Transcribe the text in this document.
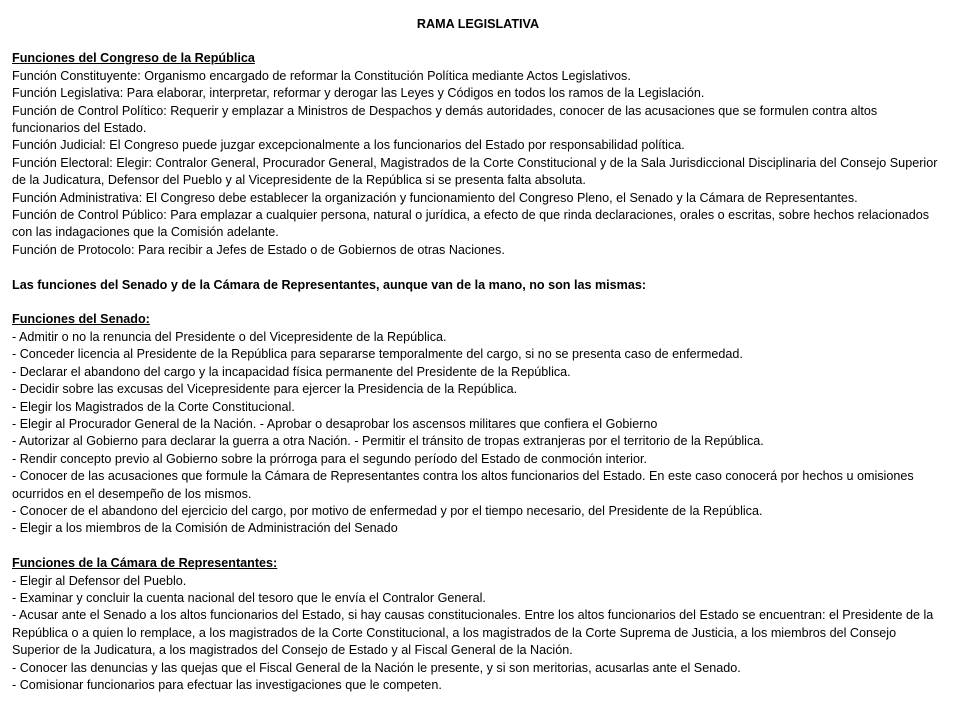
RAMA LEGISLATIVA
Funciones del Congreso de la República

Función Constituyente: Organismo encargado de reformar la Constitución Política mediante Actos Legislativos.

Función Legislativa: Para elaborar, interpretar, reformar y derogar las Leyes y Códigos en todos los ramos de la Legislación.

Función de Control Político: Requerir y emplazar a Ministros de Despachos y demás autoridades, conocer de las acusaciones que se formulen contra altos funcionarios del Estado.

Función Judicial: El Congreso puede juzgar excepcionalmente a los funcionarios del Estado por responsabilidad política.

Función Electoral: Elegir: Contralor General, Procurador General, Magistrados de la Corte Constitucional y de la Sala Jurisdiccional Disciplinaria del Consejo Superior de la Judicatura, Defensor del Pueblo y al Vicepresidente de la República si se presenta falta absoluta.

Función Administrativa: El Congreso debe establecer la organización y funcionamiento del Congreso Pleno, el Senado y la Cámara de Representantes.

Función de Control Público: Para emplazar a cualquier persona, natural o jurídica, a efecto de que rinda declaraciones, orales o escritas, sobre hechos relacionados con las indagaciones que la Comisión adelante.

Función de Protocolo: Para recibir a Jefes de Estado o de Gobiernos de otras Naciones.

Las funciones del Senado y de la Cámara de Representantes, aunque van de la mano, no son las mismas:
Funciones del Senado:

- Admitir o no la renuncia del Presidente o del Vicepresidente de la República.

- Conceder licencia al Presidente de la República para separarse temporalmente del cargo, si no se presenta caso de enfermedad.

- Declarar el abandono del cargo y la incapacidad física permanente del Presidente de la República.

- Decidir sobre las excusas del Vicepresidente para ejercer la Presidencia de la República.

- Elegir los Magistrados de la Corte Constitucional.

- Elegir al Procurador General de la Nación. - Aprobar o desaprobar los ascensos militares que confiera el Gobierno

- Autorizar al Gobierno para declarar la guerra a otra Nación. - Permitir el tránsito de tropas extranjeras por el territorio de la República.

- Rendir concepto previo al Gobierno sobre la prórroga para el segundo período del Estado de conmoción interior.

- Conocer de las acusaciones que formule la Cámara de Representantes contra los altos funcionarios del Estado. En este caso conocerá por hechos u omisiones ocurridos en el desempeño de los mismos.

- Conocer de el abandono del ejercicio del cargo, por motivo de enfermedad y por el tiempo necesario, del Presidente de la República.

- Elegir a los miembros de la Comisión de Administración del Senado

Funciones de la Cámara de Representantes:

- Elegir al Defensor del Pueblo.

- Examinar y concluir la cuenta nacional del tesoro que le envía el Contralor General.

- Acusar ante el Senado a los altos funcionarios del Estado, si hay causas constitucionales. Entre los altos funcionarios del Estado se encuentran: el Presidente de la República o a quien lo remplace, a los magistrados de la Corte Constitucional, a los magistrados de la Corte Suprema de Justicia, a los miembros del Consejo Superior de la Judicatura, a los magistrados del Consejo de Estado y al Fiscal General de la Nación.

- Conocer las denuncias y las quejas que el Fiscal General de la Nación le presente, y si son meritorias, acusarlas ante el Senado.

- Comisionar funcionarios para efectuar las investigaciones que le competen.
